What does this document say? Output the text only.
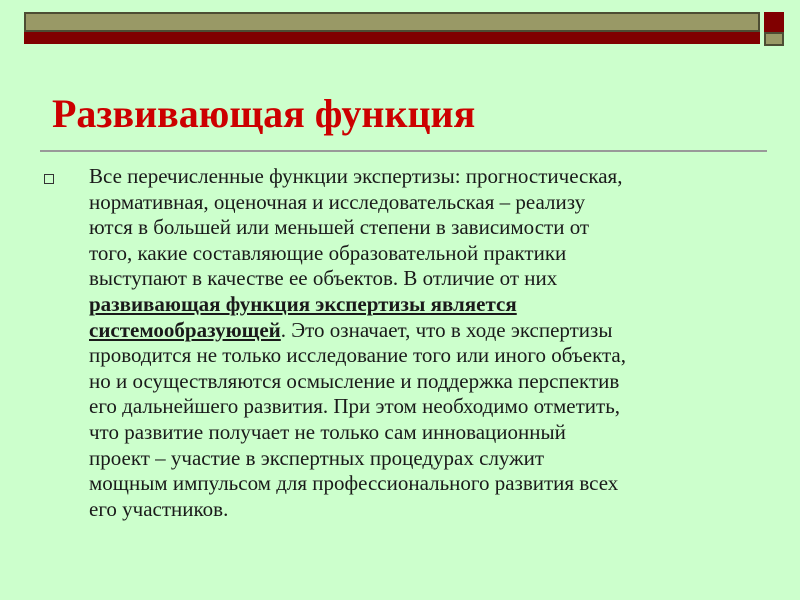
Развивающая функция
Все перечисленные функции экспертизы: прогностическая,
нормативная, оценочная и исследовательская – реализу
ются в большей или меньшей степени в зависимости от
того, какие составляющие образовательной практики
выступают в качестве ее объектов. В отличие от них
развивающая функция экспертизы является
системообразующей. Это означает, что в ходе экспертизы
проводится не только исследование того или иного объекта,
но и осуществляются осмысление и поддержка перспектив
его дальнейшего развития. При этом необходимо отметить,
что развитие получает не только сам инновационный
проект – участие в экспертных процедурах служит
мощным импульсом для профессионального развития всех
его участников.
